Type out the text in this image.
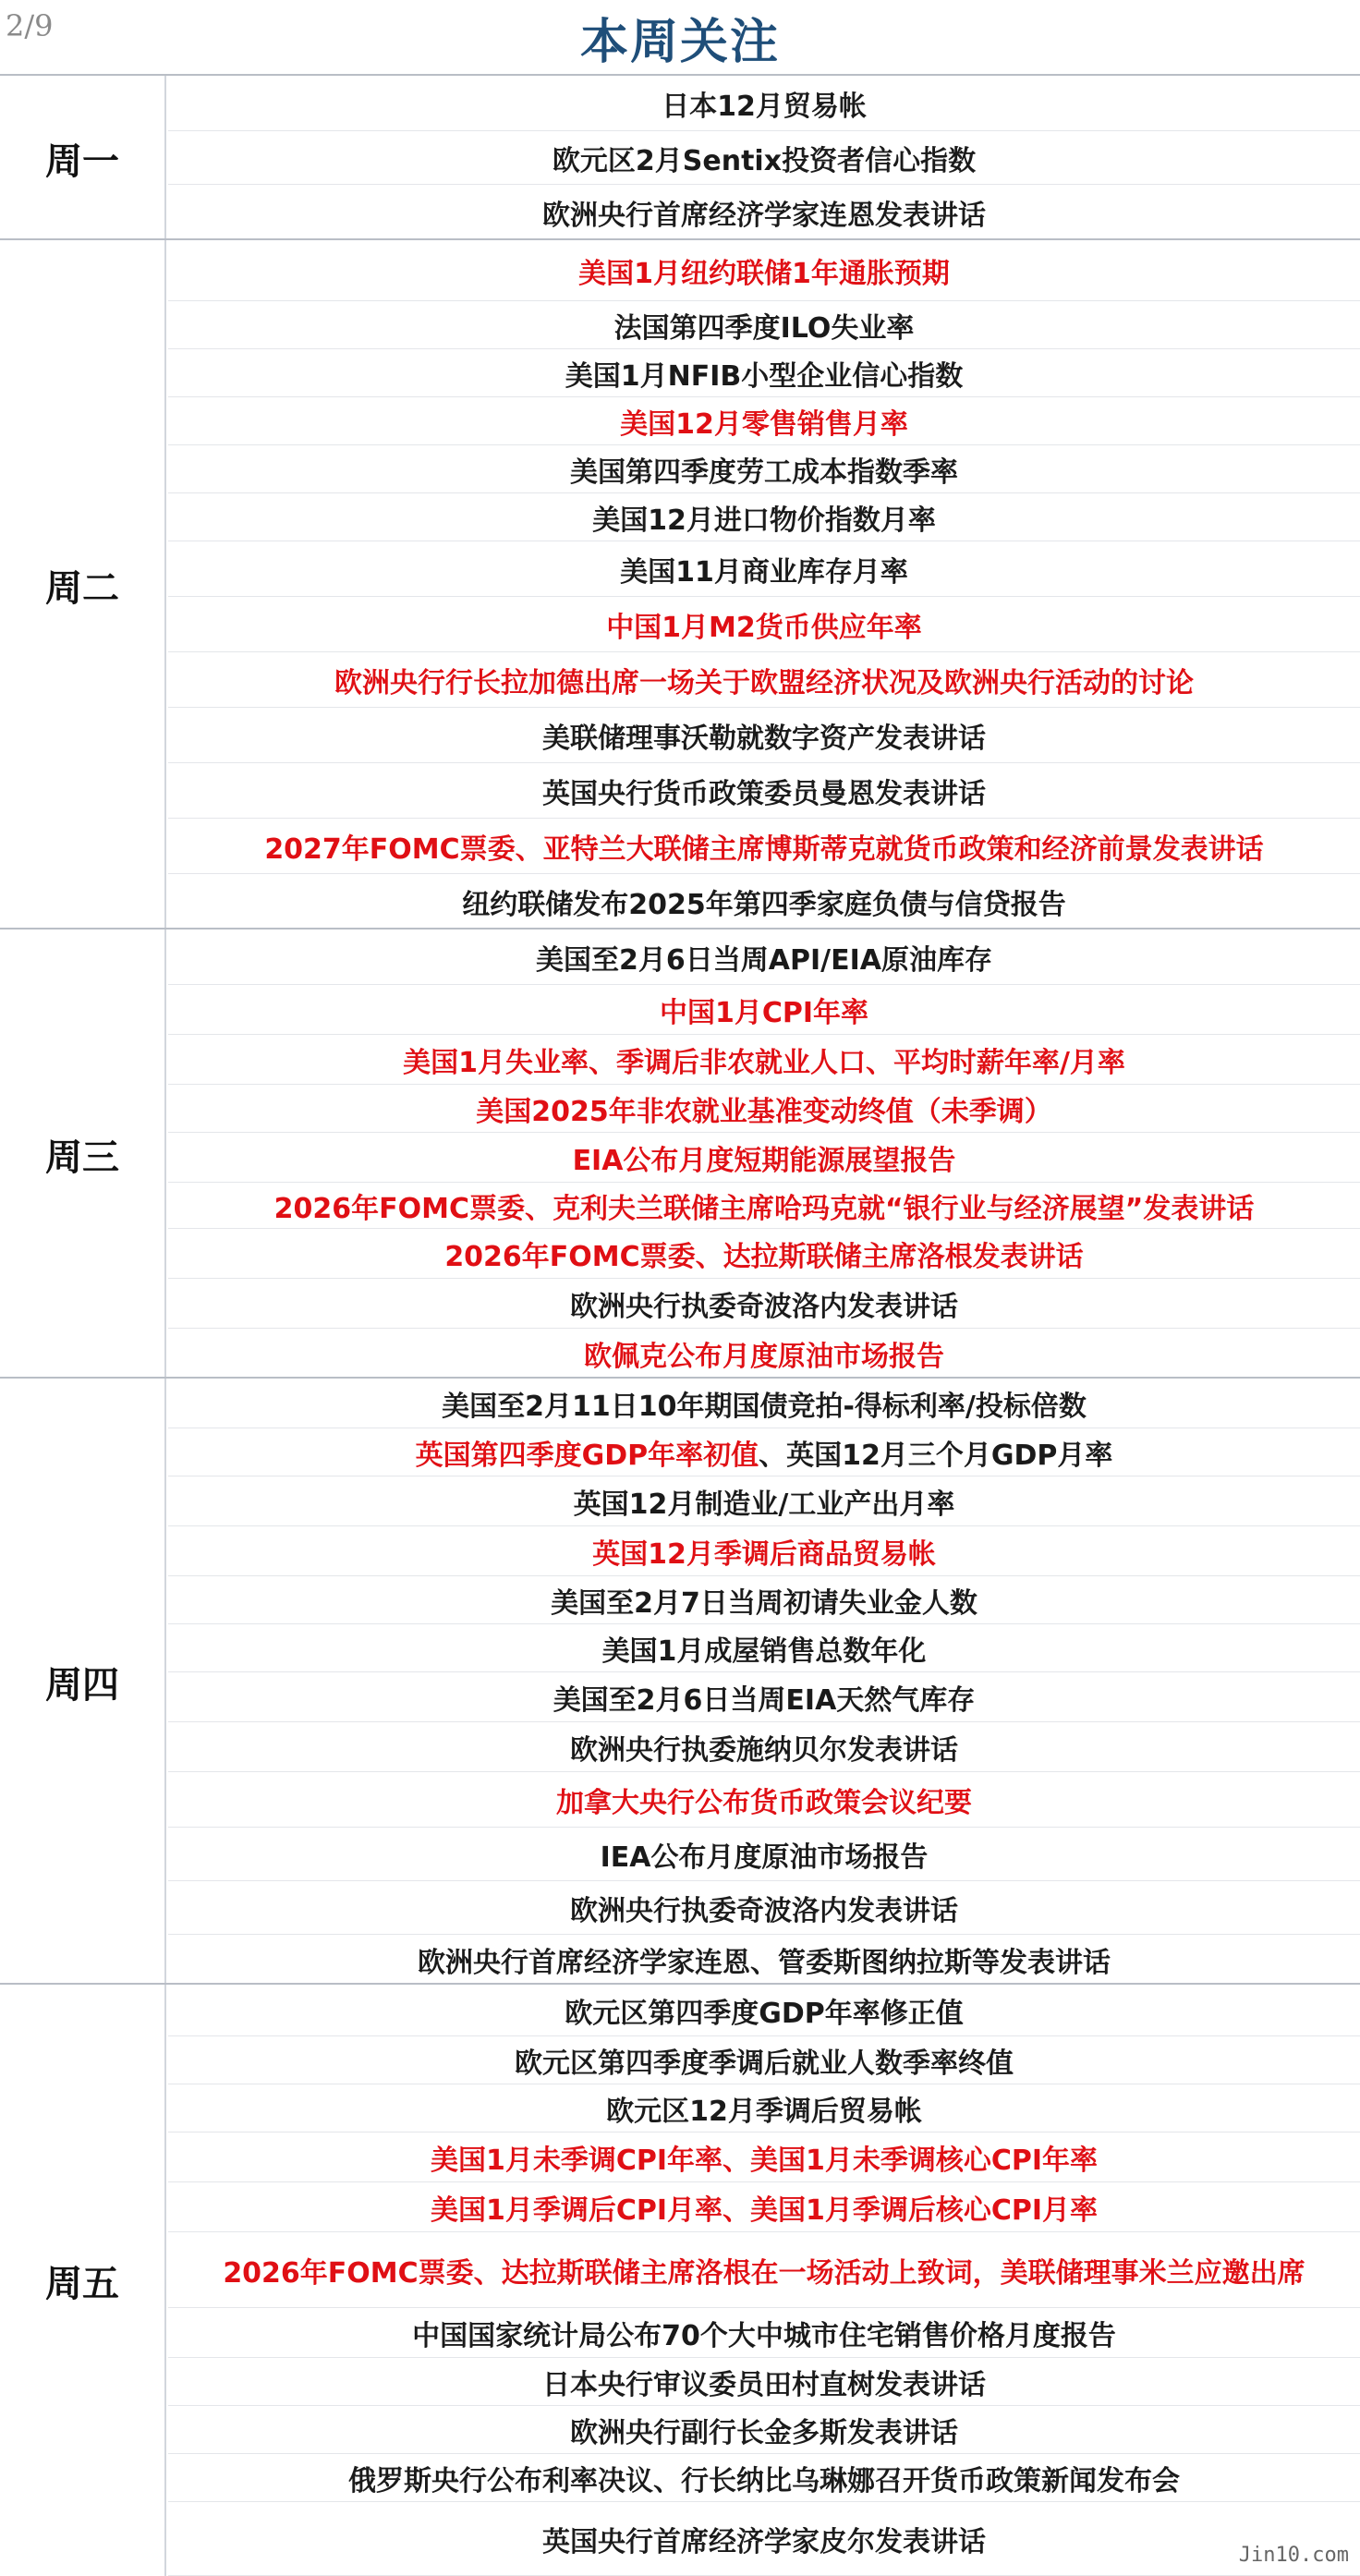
2/9	本周关注
周一
日本12月贸易帐
欧元区2月Sentix投资者信心指数
欧洲央行首席经济学家连恩发表讲话
周二
美国1月纽约联储1年通胀预期
法国第四季度ILO失业率
美国1月NFIB小型企业信心指数
美国12月零售销售月率
美国第四季度劳工成本指数季率
美国12月进口物价指数月率
美国11月商业库存月率
中国1月M2货币供应年率
欧洲央行行长拉加德出席一场关于欧盟经济状况及欧洲央行活动的讨论
美联储理事沃勒就数字资产发表讲话
英国央行货币政策委员曼恩发表讲话
2027年FOMC票委、亚特兰大联储主席博斯蒂克就货币政策和经济前景发表讲话
纽约联储发布2025年第四季家庭负债与信贷报告
周三
美国至2月6日当周API/EIA原油库存
中国1月CPI年率
美国1月失业率、季调后非农就业人口、平均时薪年率/月率
美国2025年非农就业基准变动终值（未季调）
EIA公布月度短期能源展望报告
2026年FOMC票委、克利夫兰联储主席哈玛克就“银行业与经济展望”发表讲话
2026年FOMC票委、达拉斯联储主席洛根发表讲话
欧洲央行执委奇波洛内发表讲话
欧佩克公布月度原油市场报告
周四
美国至2月11日10年期国债竞拍-得标利率/投标倍数
英国第四季度GDP年率初值 、英国12月三个月GDP月率
英国12月制造业/工业产出月率
英国12月季调后商品贸易帐
美国至2月7日当周初请失业金人数
美国1月成屋销售总数年化
美国至2月6日当周EIA天然气库存
欧洲央行执委施纳贝尔发表讲话
加拿大央行公布货币政策会议纪要
IEA公布月度原油市场报告
欧洲央行执委奇波洛内发表讲话
欧洲央行首席经济学家连恩、管委斯图纳拉斯等发表讲话
周五
欧元区第四季度GDP年率修正值
欧元区第四季度季调后就业人数季率终值
欧元区12月季调后贸易帐
美国1月未季调CPI年率、美国1月未季调核心CPI年率
美国1月季调后CPI月率、美国1月季调后核心CPI月率
2026年FOMC票委、达拉斯联储主席洛根在一场活动上致词，美联储理事米兰应邀出席
中国国家统计局公布70个大中城市住宅销售价格月度报告
日本央行审议委员田村直树发表讲话
欧洲央行副行长金多斯发表讲话
俄罗斯央行公布利率决议、行长纳比乌琳娜召开货币政策新闻发布会
英国央行首席经济学家皮尔发表讲话	Jin10.com
